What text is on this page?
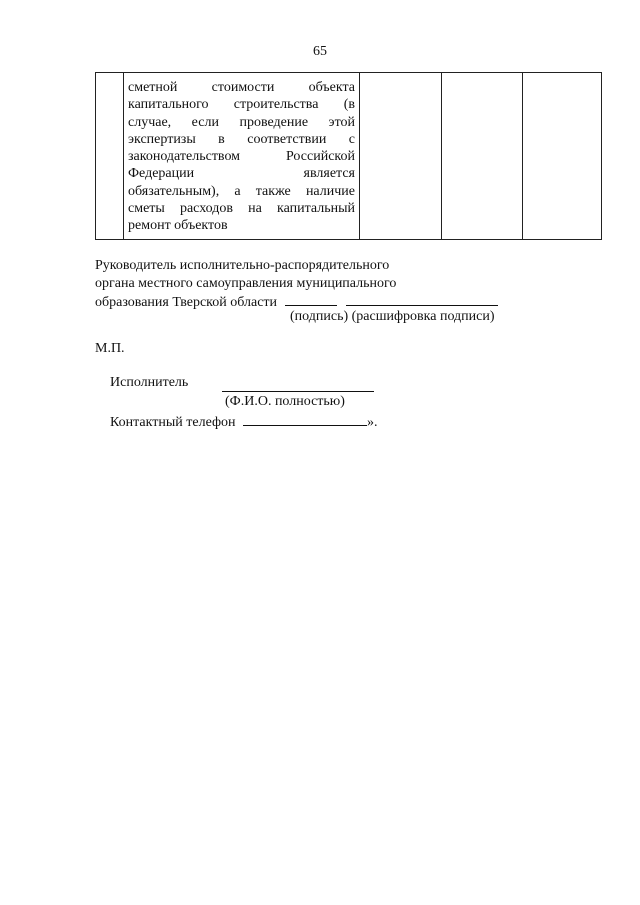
65

сметной стоимости объекта
капитального строительства (в
случае, если проведение этой
экспертизы в соответствии с
законодательством Российской
Федерации является
обязательным), а также наличие
сметы расходов на капитальный
ремонт объектов

Руководитель исполнительно-распорядительного
органа местного самоуправления муниципального
образования Тверской области
(подпись) (расшифровка подписи)
М.П.
Исполнитель
(Ф.И.О. полностью)
Контактный телефон	».
